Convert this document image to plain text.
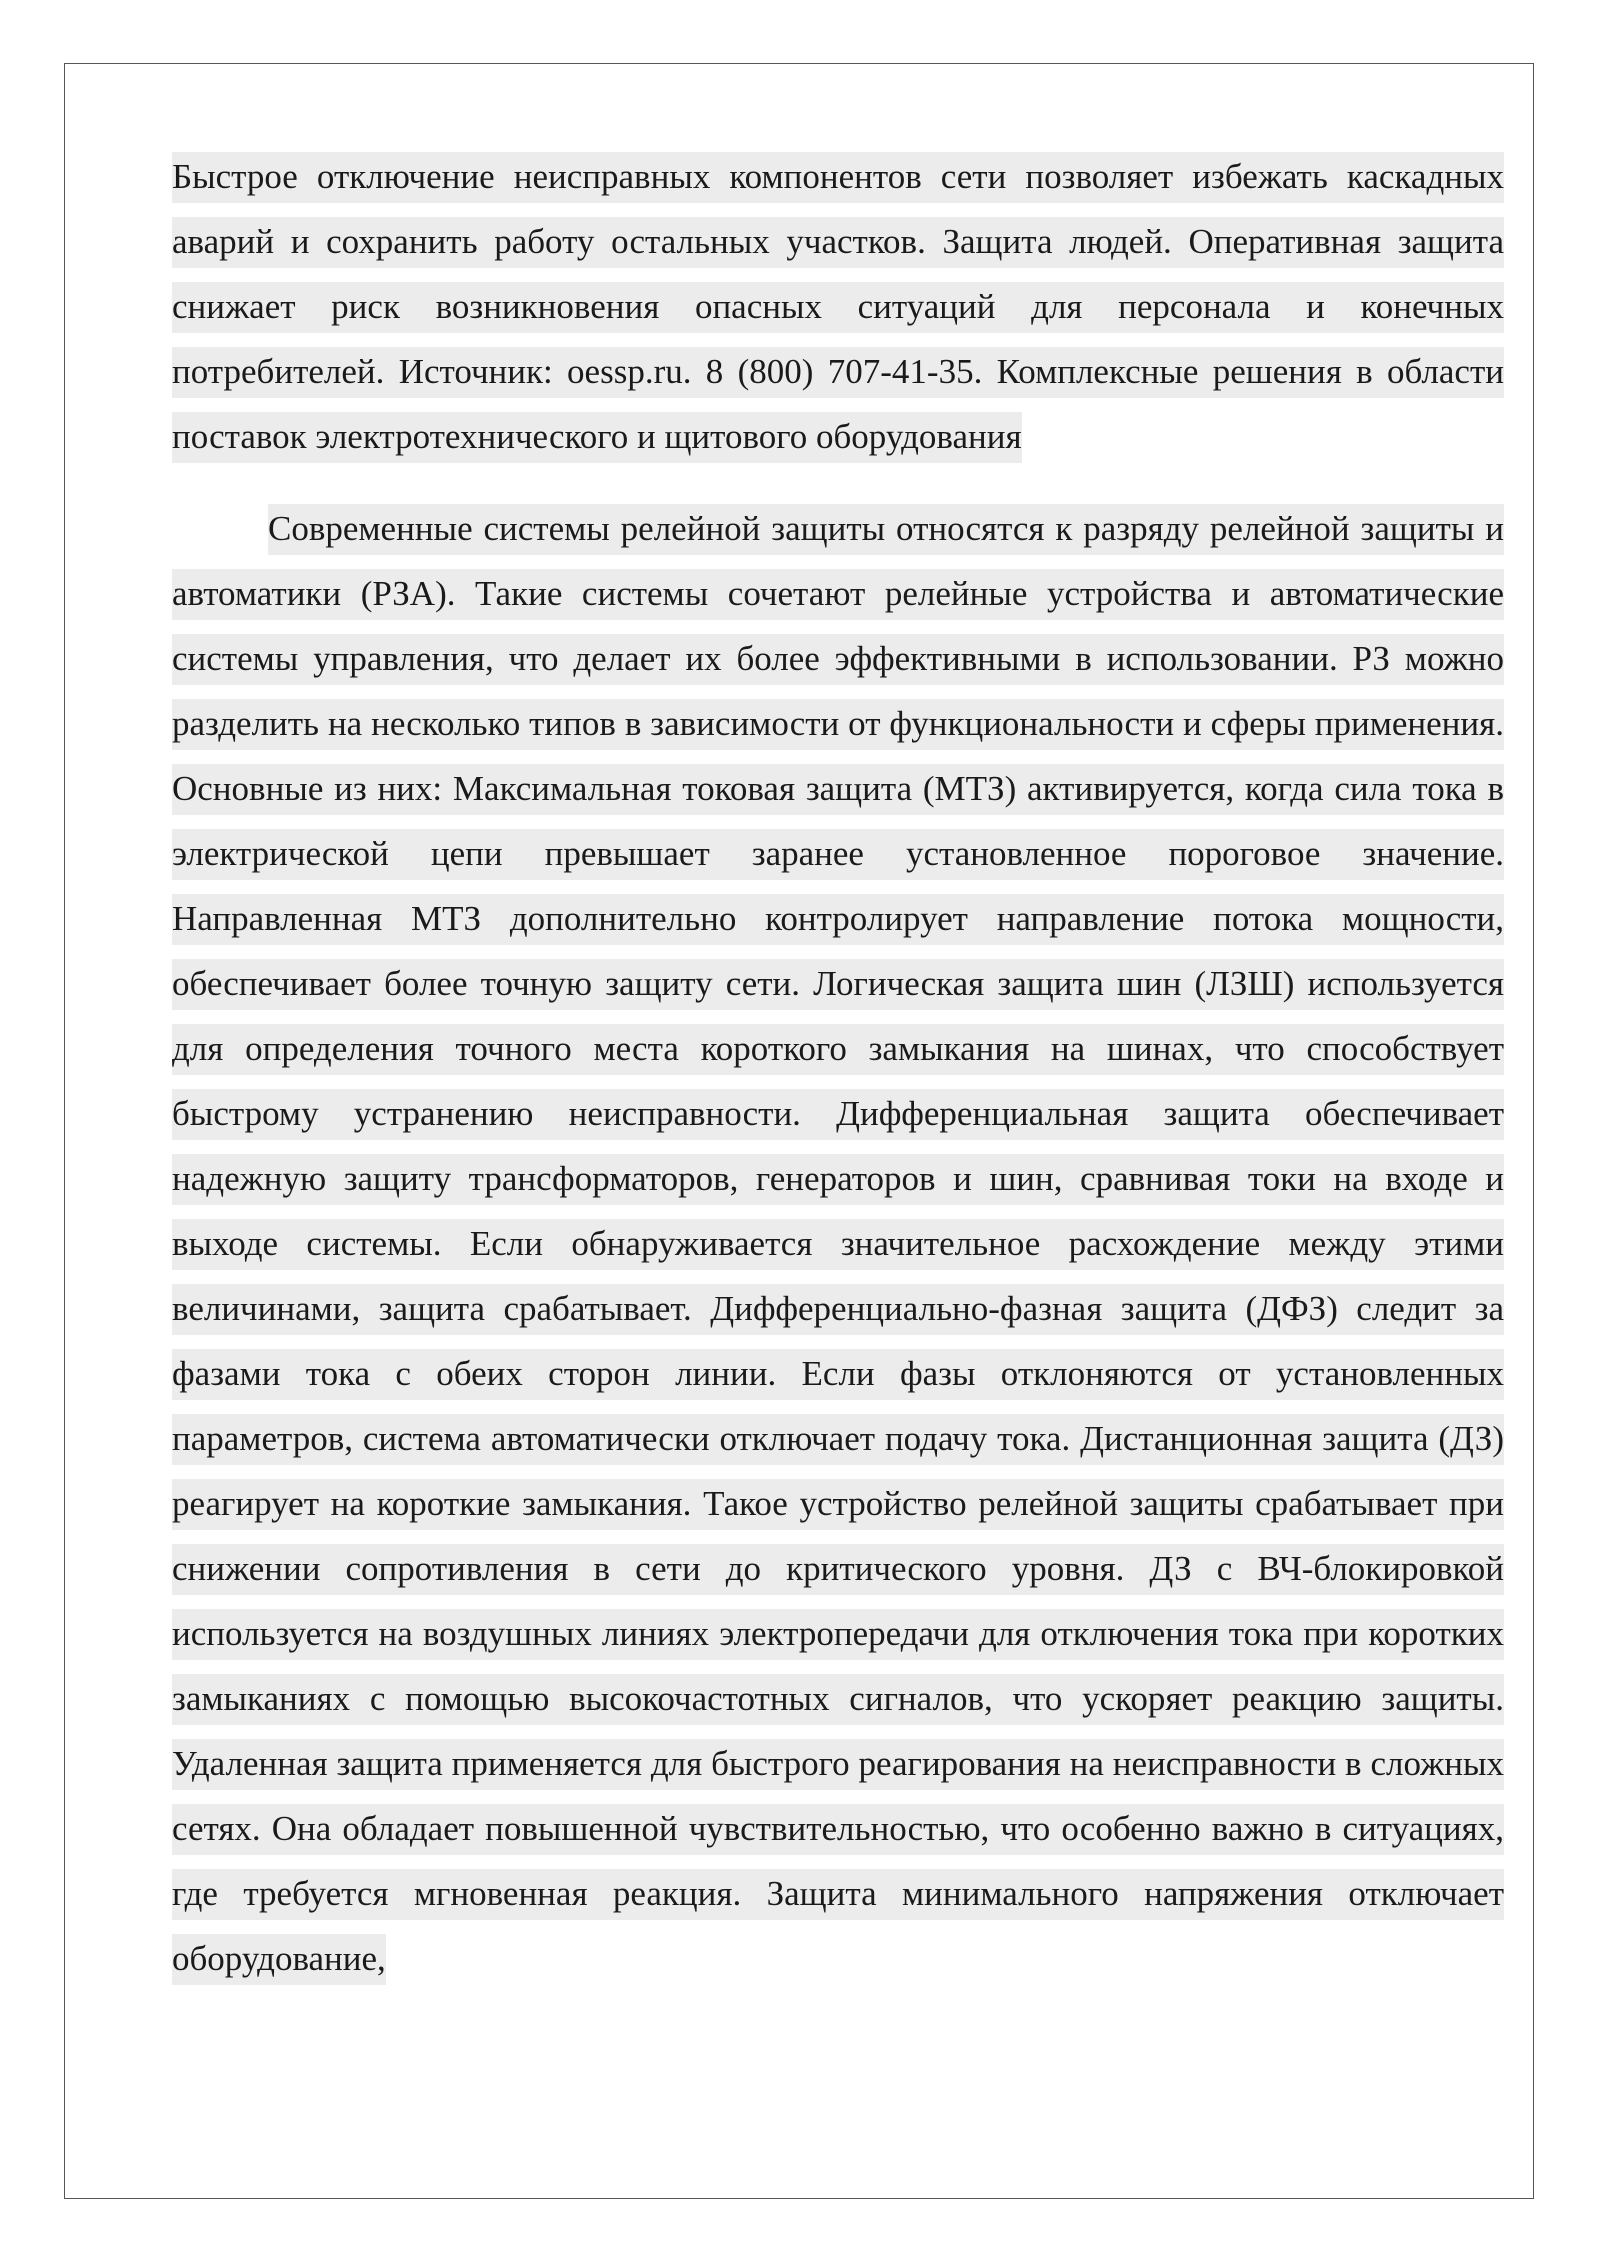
Быстрое отключение неисправных компонентов сети позволяет избежать каскадных аварий и сохранить работу остальных участков. Защита людей. Оперативная защита снижает риск возникновения опасных ситуаций для персонала и конечных потребителей. Источник: oessp.ru. 8 (800) 707-41-35. Комплексные решения в области поставок электротехнического и щитового оборудования

Современные системы релейной защиты относятся к разряду релейной защиты и автоматики (РЗА). Такие системы сочетают релейные устройства и автоматические системы управления, что делает их более эффективными в использовании. РЗ можно разделить на несколько типов в зависимости от функциональности и сферы применения. Основные из них: Максимальная токовая защита (МТЗ) активируется, когда сила тока в электрической цепи превышает заранее установленное пороговое значение. Направленная МТЗ дополнительно контролирует направление потока мощности, обеспечивает более точную защиту сети. Логическая защита шин (ЛЗШ) используется для определения точного места короткого замыкания на шинах, что способствует быстрому устранению неисправности. Дифференциальная защита обеспечивает надежную защиту трансформаторов, генераторов и шин, сравнивая токи на входе и выходе системы. Если обнаруживается значительное расхождение между этими величинами, защита срабатывает. Дифференциально-фазная защита (ДФЗ) следит за фазами тока с обеих сторон линии. Если фазы отклоняются от установленных параметров, система автоматически отключает подачу тока. Дистанционная защита (ДЗ) реагирует на короткие замыкания. Такое устройство релейной защиты срабатывает при снижении сопротивления в сети до критического уровня. ДЗ с ВЧ-блокировкой используется на воздушных линиях электропередачи для отключения тока при коротких замыканиях с помощью высокочастотных сигналов, что ускоряет реакцию защиты. Удаленная защита применяется для быстрого реагирования на неисправности в сложных сетях. Она обладает повышенной чувствительностью, что особенно важно в ситуациях, где требуется мгновенная реакция. Защита минимального напряжения отключает оборудование,
